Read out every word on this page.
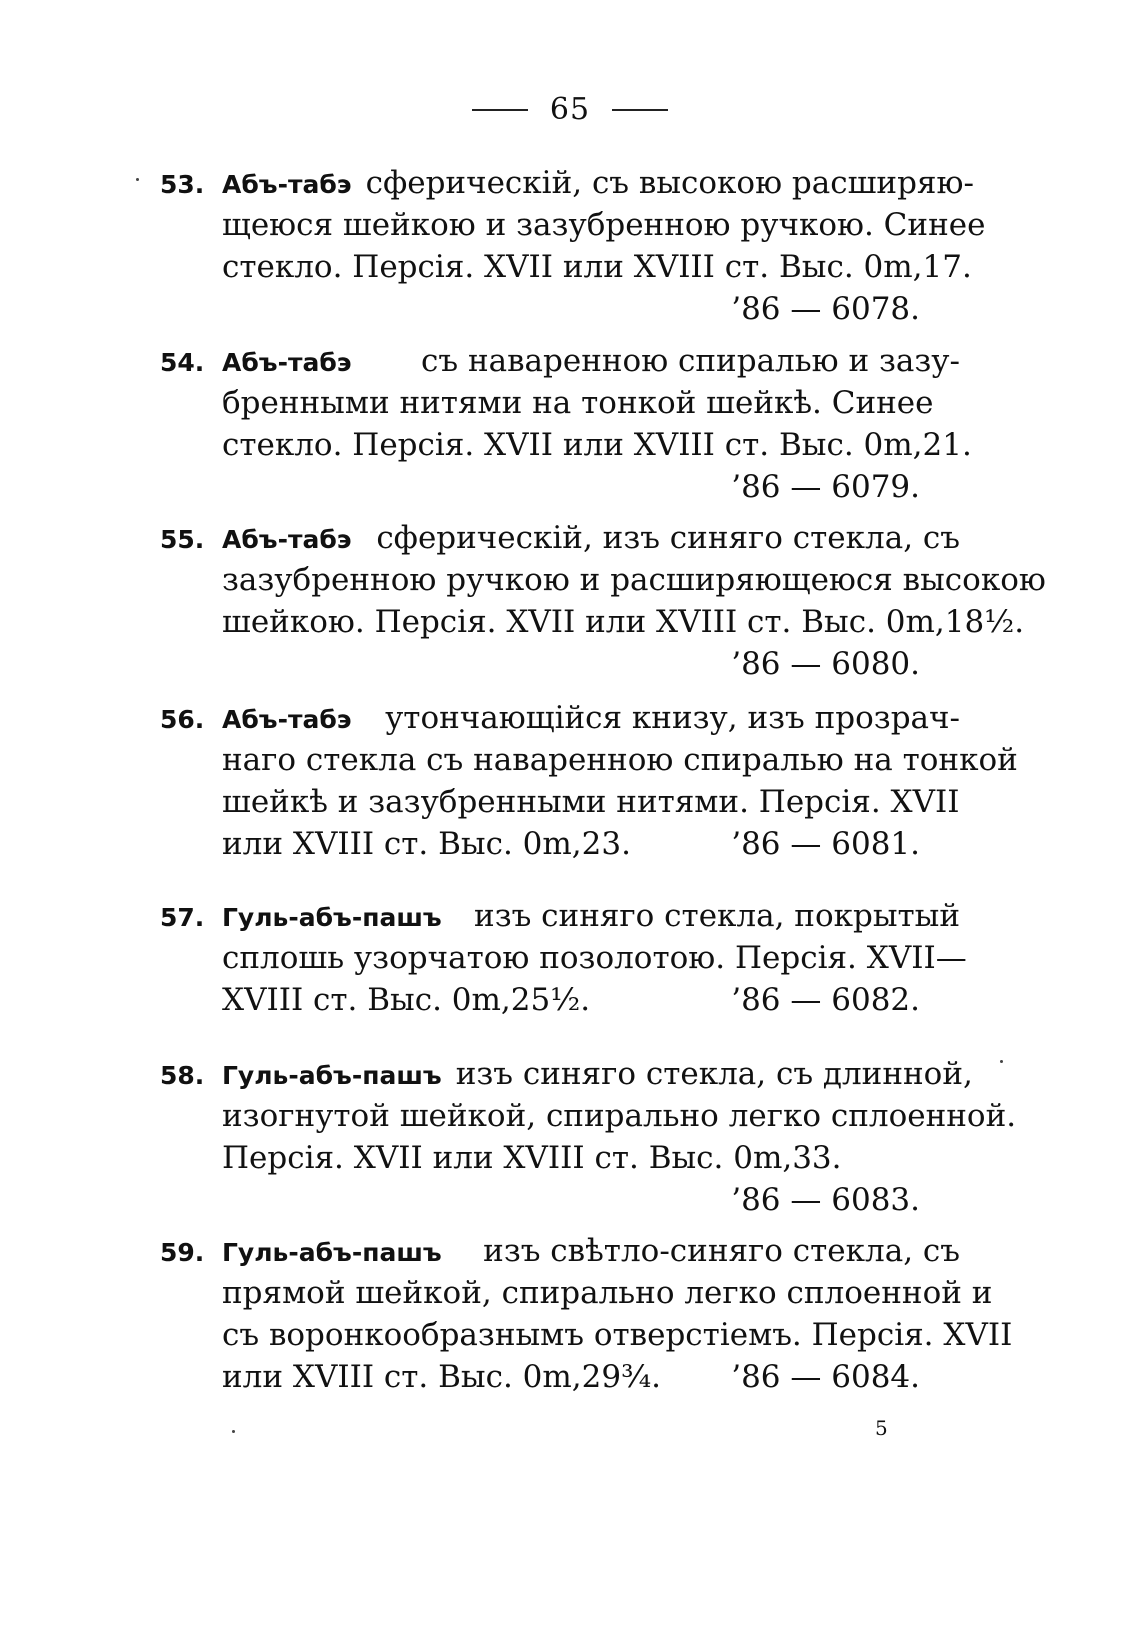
65
53. Абъ-табэ сферическій, съ высокою расширяю-
щеюся шейкою и зазубренною ручкою. Синее
стекло. Персія. XVII или XVIII ст. Выс. 0m,17.
’86 — 6078.
54. Абъ-табэ	съ навареннoю спиралью и зазу-
бренными нитями на тонкой шейкѣ. Синее
стекло. Персія. XVII или XVIII ст. Выс. 0m,21.
’86 — 6079.
55. Абъ-табэ сферическій, изъ синяго стекла, съ
зазубренною ручкою и расширяющеюся высокою
шейкою. Персія. XVII или XVIII ст. Выс. 0m,18½.
’86 — 6080.
56. Абъ-табэ	утончающійся книзу, изъ прозрач-
наго стекла съ навареннoю спиралью на тонкой
шейкѣ и зазубренными нитями. Персія. XVII
или XVIII ст. Выс. 0m,23.	’86 — 6081.
57. Гуль-абъ-пашъ	изъ синяго стекла, покрытый
сплошь узорчатою позолотою. Персія. XVII—
XVIII ст. Выс. 0m,25½.	’86 — 6082.
58. Гуль-абъ-пашъ изъ синяго стекла, съ длинной,
изогнутой шейкой, спирально легко сплоенной.
Персія. XVII или XVIII ст. Выс. 0m,33.
’86 — 6083.
59. Гуль-абъ-пашъ	изъ свѣтло-синяго стекла, съ
прямой шейкой, спирально легко сплоенной и
съ воронкообразнымъ отверстіемъ. Персія. XVII
или XVIII ст. Выс. 0m,29¾. ’86 — 6084.
5
